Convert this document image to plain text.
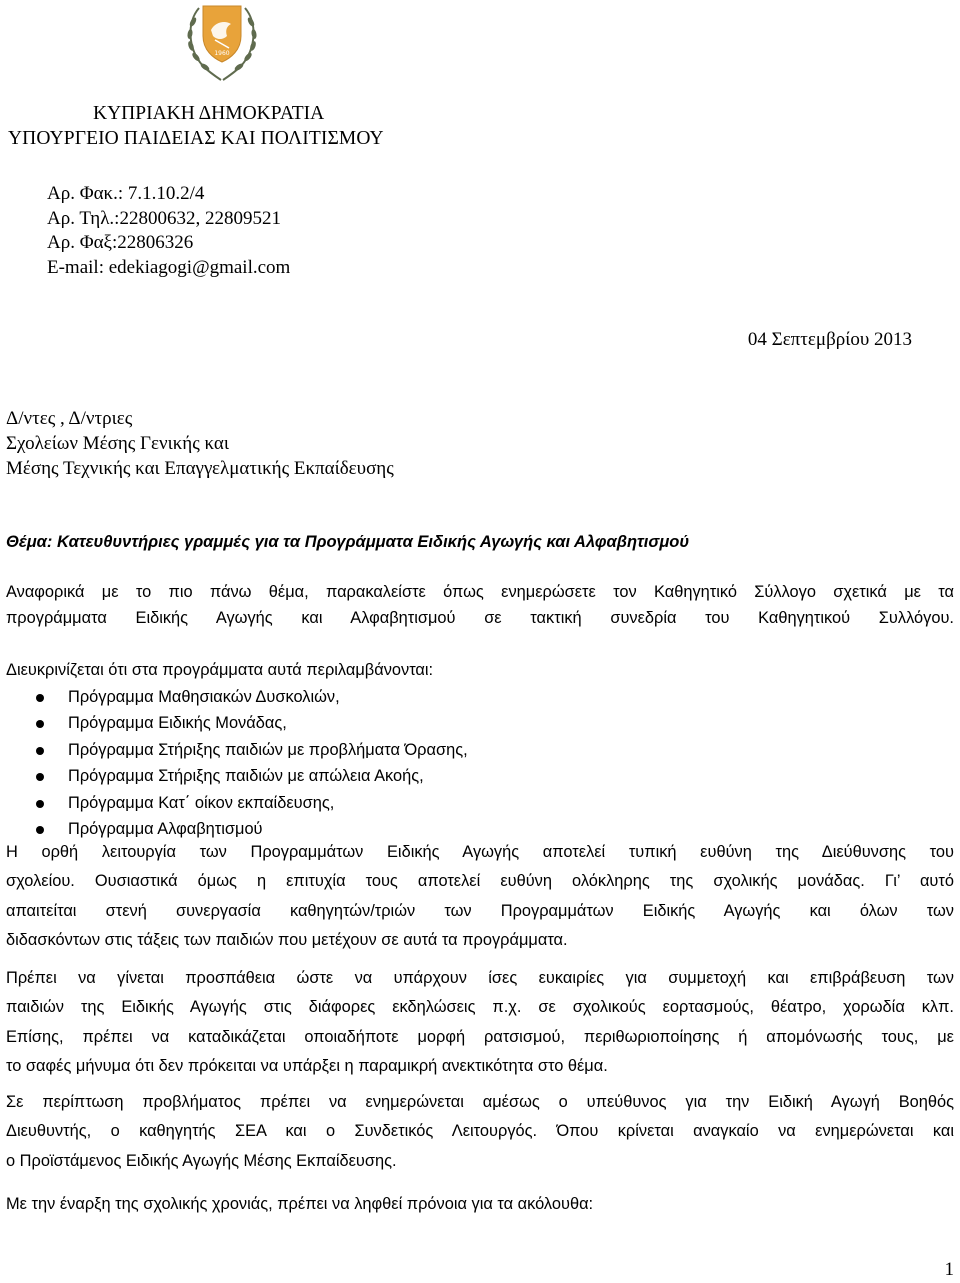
1960
ΚΥΠΡΙΑΚΗ ΔΗΜΟΚΡΑΤΙΑ
ΥΠΟΥΡΓΕΙΟ ΠΑΙΔΕΙΑΣ ΚΑΙ ΠΟΛΙΤΙΣΜΟΥ
Αρ. Φακ.: 7.1.10.2/4
Αρ. Τηλ.:22800632, 22809521
Αρ. Φαξ:22806326
E-mail: edekiagogi@gmail.com
04 Σεπτεμβρίου 2013
Δ/ντες , Δ/ντριες
Σχολείων Μέσης Γενικής και
Μέσης Τεχνικής και Επαγγελματικής Εκπαίδευσης
Θέμα: Κατευθυντήριες γραμμές για τα Προγράμματα Ειδικής Αγωγής και Αλφαβητισμού
Αναφορικά με το πιο πάνω θέμα, παρακαλείστε όπως ενημερώσετε τον Καθηγητικό Σύλλογο σχετικά με τα
προγράμματα Ειδικής Αγωγής και Αλφαβητισμού σε τακτική συνεδρία του Καθηγητικού Συλλόγου.
Διευκρινίζεται ότι στα προγράμματα αυτά περιλαμβάνονται:
Πρόγραμμα Μαθησιακών Δυσκολιών,
Πρόγραμμα Ειδικής Μονάδας,
Πρόγραμμα Στήριξης παιδιών με προβλήματα Όρασης,
Πρόγραμμα Στήριξης παιδιών με απώλεια Ακοής,
Πρόγραμμα Κατ΄ οίκον εκπαίδευσης,
Πρόγραμμα Αλφαβητισμού
Η ορθή λειτουργία των Προγραμμάτων Ειδικής Αγωγής αποτελεί τυπική ευθύνη της Διεύθυνσης του
σχολείου. Ουσιαστικά όμως η επιτυχία τους αποτελεί ευθύνη ολόκληρης της σχολικής μονάδας. Γι’ αυτό
απαιτείται στενή συνεργασία καθηγητών/τριών των Προγραμμάτων Ειδικής Αγωγής και όλων των
διδασκόντων στις τάξεις των παιδιών που μετέχουν σε αυτά τα προγράμματα.
Πρέπει να γίνεται προσπάθεια ώστε να υπάρχουν ίσες ευκαιρίες για συμμετοχή και επιβράβευση των
παιδιών της Ειδικής Αγωγής στις διάφορες εκδηλώσεις π.χ. σε σχολικούς εορτασμούς, θέατρο, χορωδία κλπ.
Επίσης, πρέπει να καταδικάζεται οποιαδήποτε μορφή ρατσισμού, περιθωριοποίησης ή απομόνωσής τους, με
το σαφές μήνυμα ότι δεν πρόκειται να υπάρξει η παραμικρή ανεκτικότητα στο θέμα.
Σε περίπτωση προβλήματος πρέπει να ενημερώνεται αμέσως ο υπεύθυνος για την Ειδική Αγωγή Βοηθός
Διευθυντής, ο καθηγητής ΣΕΑ και ο Συνδετικός Λειτουργός. Όπου κρίνεται αναγκαίο να ενημερώνεται και
ο Προϊστάμενος Ειδικής Αγωγής Μέσης Εκπαίδευσης.
Με την έναρξη της σχολικής χρονιάς, πρέπει να ληφθεί πρόνοια για τα ακόλουθα:
1
